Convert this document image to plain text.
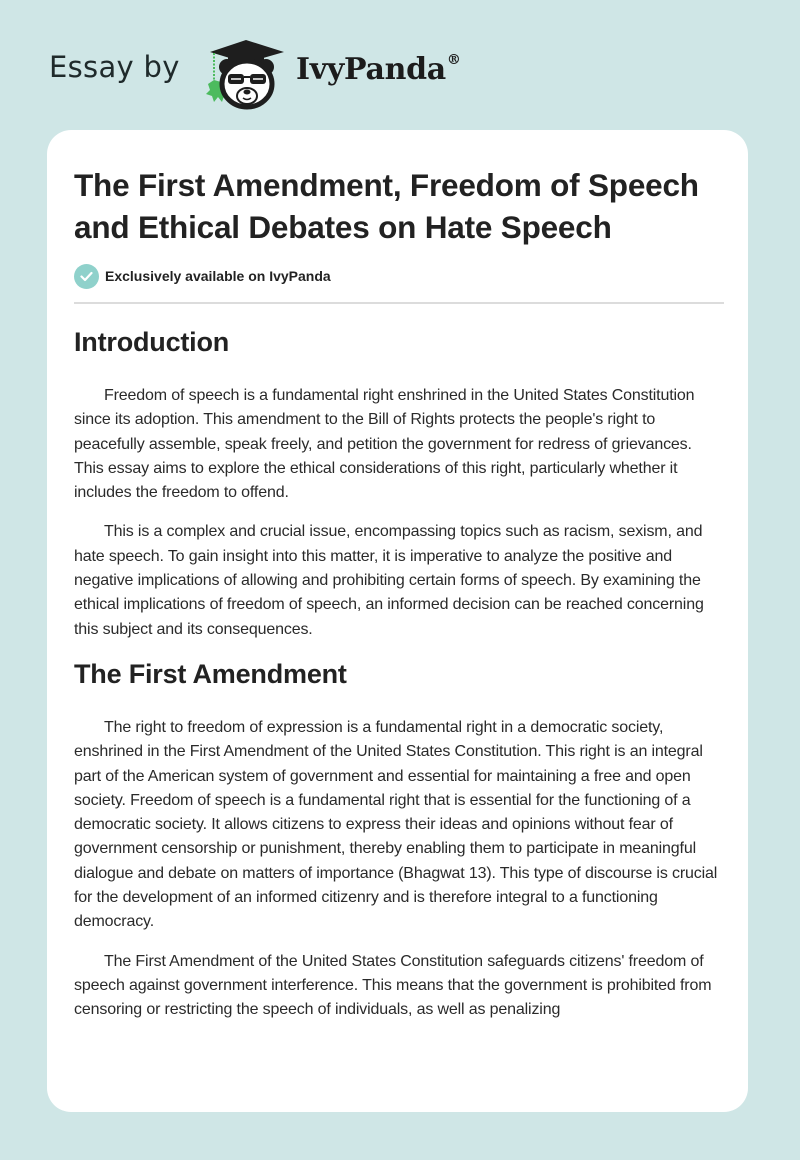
Essay by	IvyPanda®
The First Amendment, Freedom of Speech and Ethical Debates on Hate Speech
Exclusively available on IvyPanda
Introduction

Freedom of speech is a fundamental right enshrined in the United States Constitution since its adoption. This amendment to the Bill of Rights protects the people's right to peacefully assemble, speak freely, and petition the government for redress of grievances. This essay aims to explore the ethical considerations of this right, particularly whether it includes the freedom to offend.

This is a complex and crucial issue, encompassing topics such as racism, sexism, and hate speech. To gain insight into this matter, it is imperative to analyze the positive and negative implications of allowing and prohibiting certain forms of speech. By examining the ethical implications of freedom of speech, an informed decision can be reached concerning this subject and its consequences.

The First Amendment

The right to freedom of expression is a fundamental right in a democratic society, enshrined in the First Amendment of the United States Constitution. This right is an integral part of the American system of government and essential for maintaining a free and open society. Freedom of speech is a fundamental right that is essential for the functioning of a democratic society. It allows citizens to express their ideas and opinions without fear of government censorship or punishment, thereby enabling them to participate in meaningful dialogue and debate on matters of importance (Bhagwat 13). This type of discourse is crucial for the development of an informed citizenry and is therefore integral to a functioning democracy.

The First Amendment of the United States Constitution safeguards citizens' freedom of speech against government interference. This means that the government is prohibited from censoring or restricting the speech of individuals, as well as penalizing
